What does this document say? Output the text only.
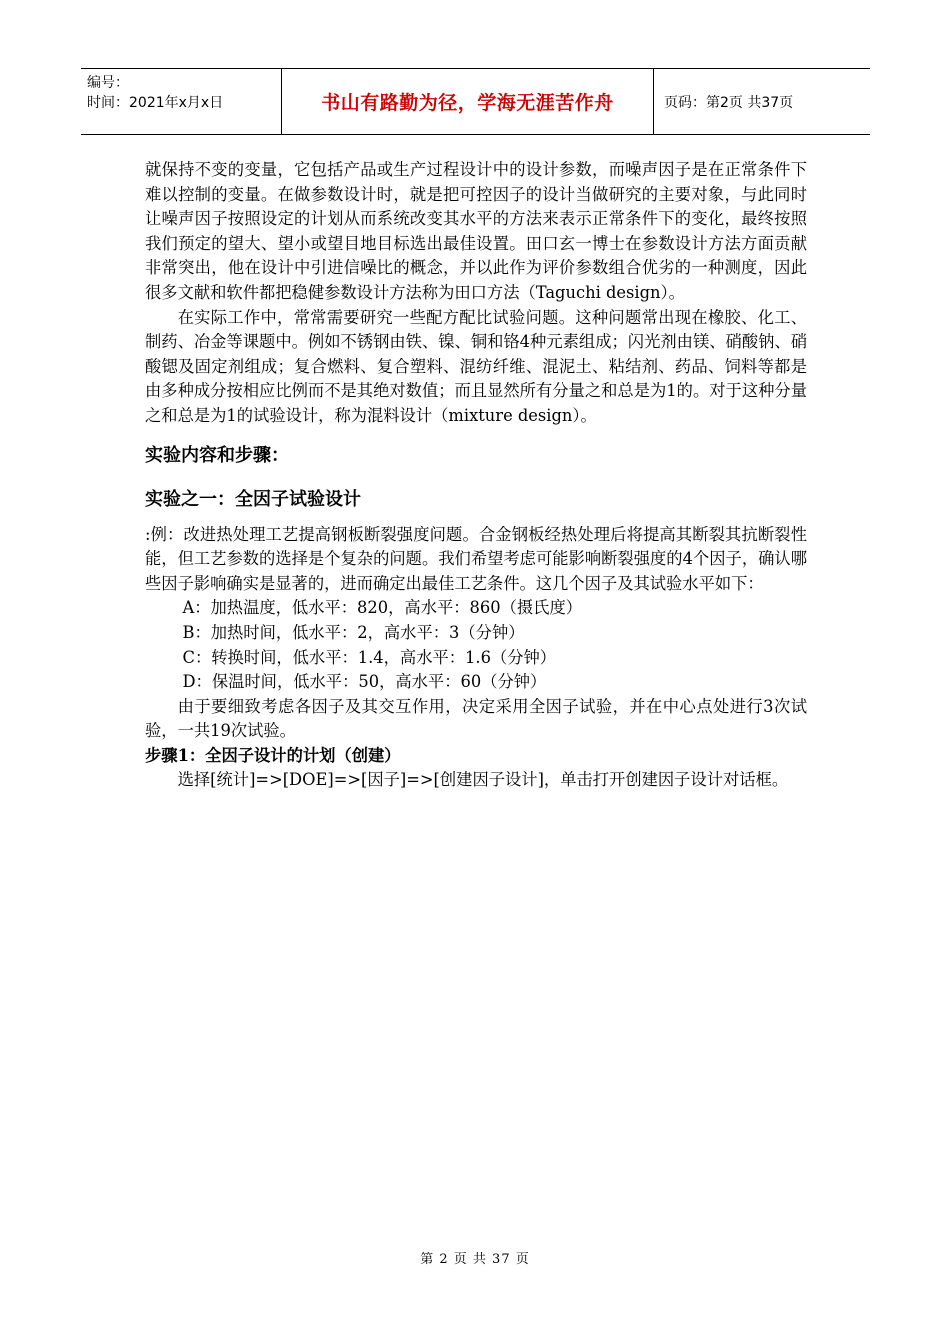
编号：
时间：2021年x月x日	书山有路勤为径，学海无涯苦作舟	页码：第2页 共37页

就保持不变的变量，它包括产品或生产过程设计中的设计参数，而噪声因子是在正常条件下难以控制的变量。在做参数设计时，就是把可控因子的设计当做研究的主要对象，与此同时让噪声因子按照设定的计划从而系统改变其水平的方法来表示正常条件下的变化，最终按照我们预定的望大、望小或望目地目标选出最佳设置。田口玄一博士在参数设计方法方面贡献非常突出，他在设计中引进信噪比的概念，并以此作为评价参数组合优劣的一种测度，因此很多文献和软件都把稳健参数设计方法称为田口方法（Taguchi design）。

在实际工作中，常常需要研究一些配方配比试验问题。这种问题常出现在橡胶、化工、制药、冶金等课题中。例如不锈钢由铁、镍、铜和铬4种元素组成；闪光剂由镁、硝酸钠、硝酸锶及固定剂组成；复合燃料、复合塑料、混纺纤维、混泥土、粘结剂、药品、饲料等都是由多种成分按相应比例而不是其绝对数值；而且显然所有分量之和总是为1的。对于这种分量之和总是为1的试验设计，称为混料设计（mixture design）。

实验内容和步骤：
实验之一：全因子试验设计

:例：改进热处理工艺提高钢板断裂强度问题。合金钢板经热处理后将提高其断裂其抗断裂性能，但工艺参数的选择是个复杂的问题。我们希望考虑可能影响断裂强度的4个因子，确认哪些因子影响确实是显著的，进而确定出最佳工艺条件。这几个因子及其试验水平如下：

A：加热温度，低水平：820，高水平：860（摄氏度）

B：加热时间，低水平：2，高水平：3（分钟）

C：转换时间，低水平：1.4，高水平：1.6（分钟）

D：保温时间，低水平：50，高水平：60（分钟）

由于要细致考虑各因子及其交互作用，决定采用全因子试验，并在中心点处进行3次试验，一共19次试验。

步骤1：全因子设计的计划（创建）

选择[统计]=>[DOE]=>[因子]=>[创建因子设计]，单击打开创建因子设计对话框。

第 2 页 共 37 页
